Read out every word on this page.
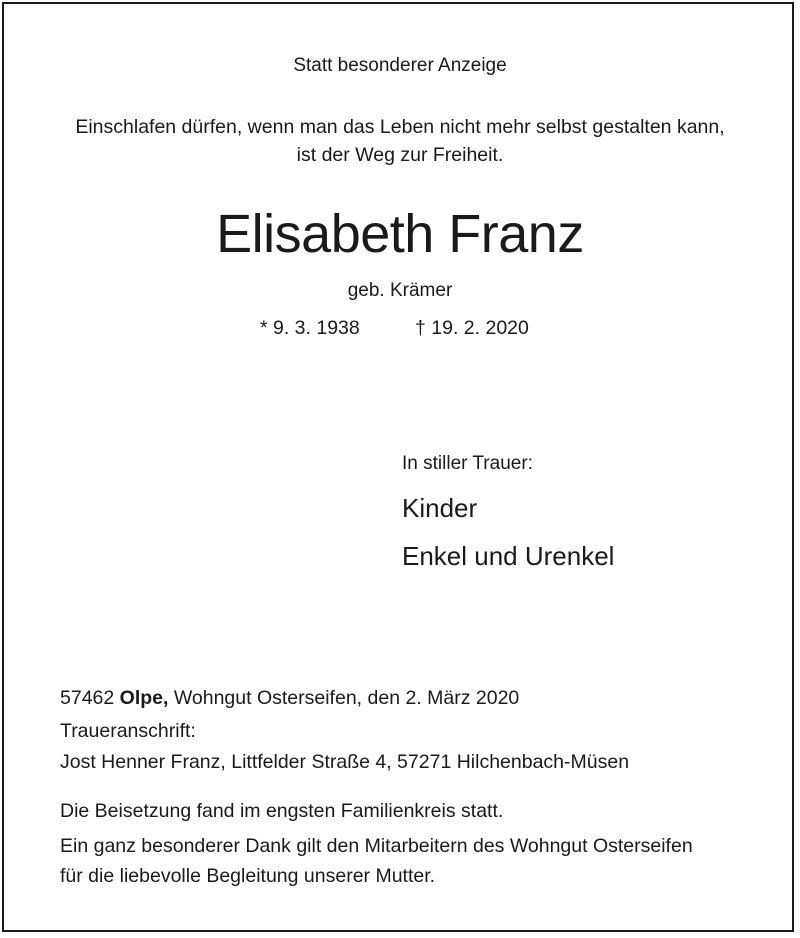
Statt besonderer Anzeige
Einschlafen dürfen, wenn man das Leben nicht mehr selbst gestalten kann,
ist der Weg zur Freiheit.
Elisabeth Franz
geb. Krämer
* 9. 3. 1938	† 19. 2. 2020
In stiller Trauer:
Kinder
Enkel und Urenkel
57462 Olpe, Wohngut Osterseifen, den 2. März 2020
Traueranschrift:
Jost Henner Franz, Littfelder Straße 4, 57271 Hilchenbach-Müsen
Die Beisetzung fand im engsten Familienkreis statt.
Ein ganz besonderer Dank gilt den Mitarbeitern des Wohngut Osterseifen
für die liebevolle Begleitung unserer Mutter.
